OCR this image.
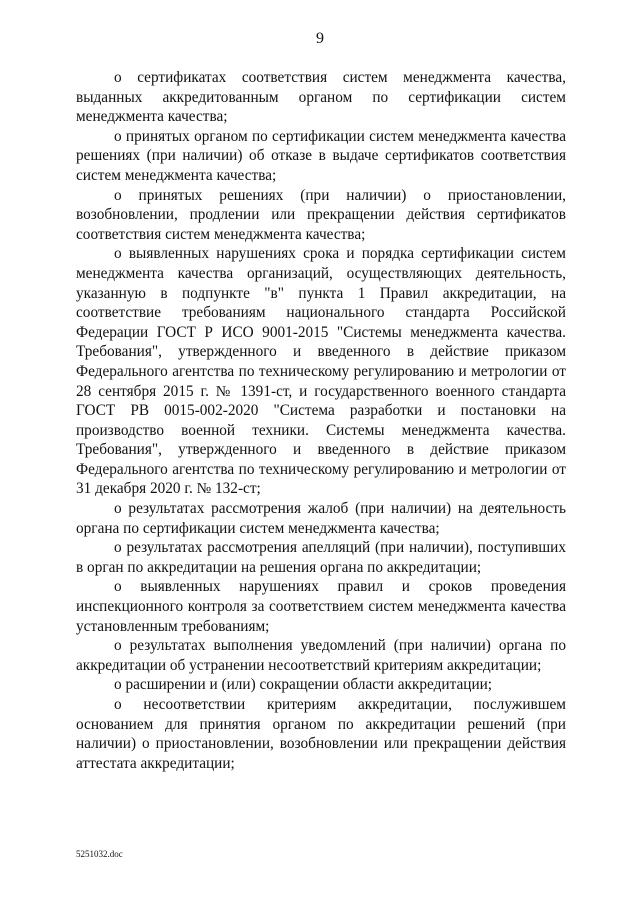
9

о сертификатах соответствия систем менеджмента качества, выданных аккредитованным органом по сертификации систем менеджмента качества;

о принятых органом по сертификации систем менеджмента качества решениях (при наличии) об отказе в выдаче сертификатов соответствия систем менеджмента качества;

о принятых решениях (при наличии) о приостановлении, возобновлении, продлении или прекращении действия сертификатов соответствия систем менеджмента качества;

о выявленных нарушениях срока и порядка сертификации систем менеджмента качества организаций, осуществляющих деятельность, указанную в подпункте "в" пункта 1 Правил аккредитации, на соответствие требованиям национального стандарта Российской Федерации ГОСТ Р ИСО 9001-2015 "Системы менеджмента качества. Требования", утвержденного и введенного в действие приказом Федерального агентства по техническому регулированию и метрологии от 28 сентября 2015 г. № 1391-ст, и государственного военного стандарта ГОСТ РВ 0015-002-2020 "Система разработки и постановки на производство военной техники. Системы менеджмента качества. Требования", утвержденного и введенного в действие приказом Федерального агентства по техническому регулированию и метрологии от 31 декабря 2020 г. № 132-ст;

о результатах рассмотрения жалоб (при наличии) на деятельность органа по сертификации систем менеджмента качества;

о результатах рассмотрения апелляций (при наличии), поступивших в орган по аккредитации на решения органа по аккредитации;

о выявленных нарушениях правил и сроков проведения инспекционного контроля за соответствием систем менеджмента качества установленным требованиям;

о результатах выполнения уведомлений (при наличии) органа по аккредитации об устранении несоответствий критериям аккредитации;

о расширении и (или) сокращении области аккредитации;

о несоответствии критериям аккредитации, послужившем основанием для принятия органом по аккредитации решений (при наличии) о приостановлении, возобновлении или прекращении действия аттестата аккредитации;

5251032.doc
